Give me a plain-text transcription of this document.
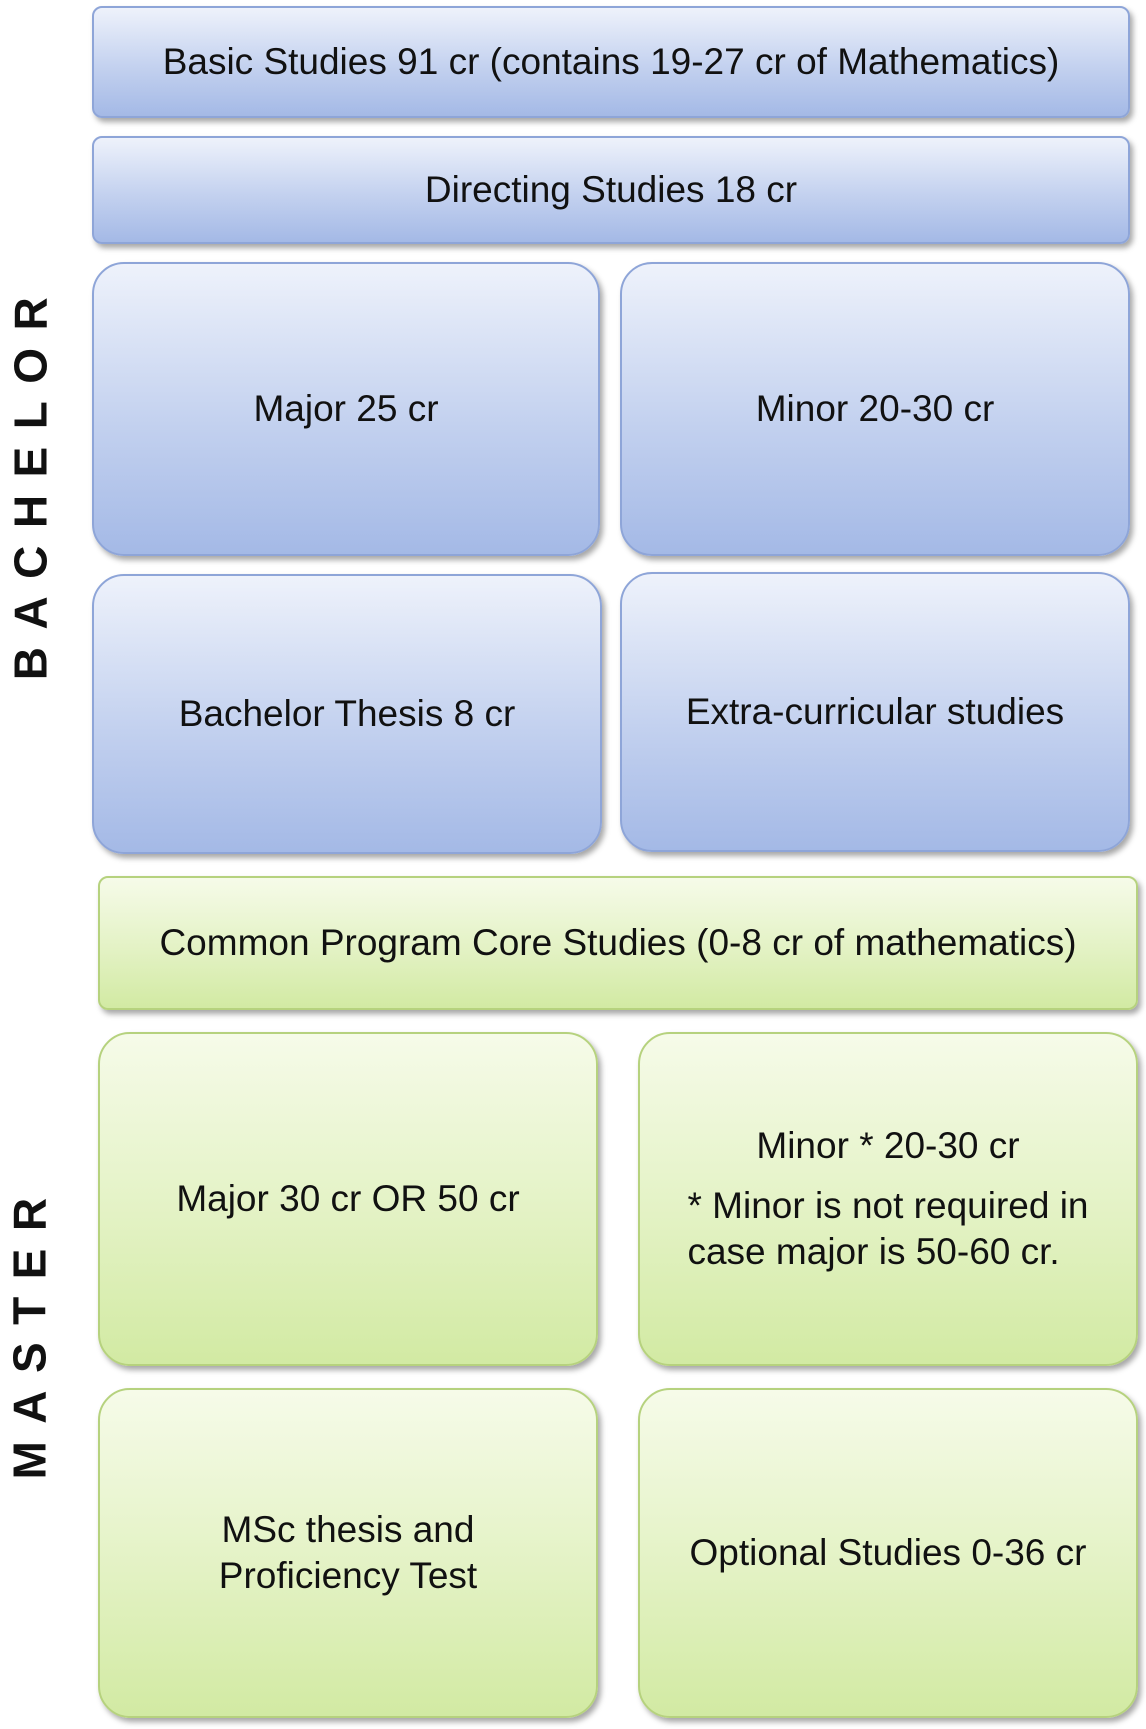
BACHELOR
MASTER
Basic Studies 91 cr (contains 19-27 cr of Mathematics)
Directing Studies 18 cr
Major 25 cr	Minor 20-30 cr
Bachelor Thesis 8 cr	Extra-curricular studies
Common Program Core Studies (0-8 cr of mathematics)
Major 30 cr OR 50 cr
Minor * 20-30 cr
* Minor is not required in
case major is 50-60 cr.
MSc thesis and
Proficiency Test
Optional Studies 0-36 cr
